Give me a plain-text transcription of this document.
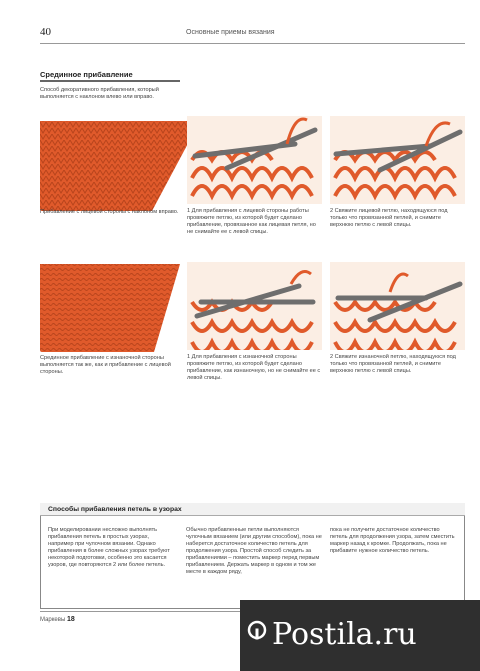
40	Основные приемы вязания
Срединное прибавление
Способ декоративного прибавления, который выполняется с наклоном влево или вправо.
Прибавление с лицевой стороны с наклоном вправо. 1 Для прибавления с лицевой стороны работы провяжите петлю, из которой будет сделано прибавление, провязанное как лицевая петля, но не снимайте ее с левой спицы.
2 Свяжите лицевой петлю, находящуюся под только что провязанной петлей, и снимите верхнюю петлю с левой спицы.
Срединное прибавление с изнаночной стороны выполняется так же, как и прибавление с лицевой стороны.
1 Для прибавления с изнаночной стороны провяжите петлю, из которой будет сделано прибавление, как изнаночную, но не снимайте ее с левой спицы.
2 Свяжите изнаночной петлю, находящуюся под только что провязанной петлей, и снимите верхнюю петлю с левой спицы.
Способы прибавления петель в узорах
При моделировании несложно выполнять прибавления петель в простых узорах, например при чулочном вязании. Однако прибавления в более сложных узорах требуют некоторой подготовки, особенно это касается узоров, где повторяются 2 или более петель.
Обычно прибавленные петли выполняются чулочным вязанием (или другим способом), пока не наберется достаточное количество петель для продолжения узора. Простой способ следить за прибавлениями – поместить маркер перед первым прибавлением. Держать маркер в одном и том же месте в каждом ряду,
пока не получите достаточное количество петель для продолжения узора, затем сместить маркер назад к кромке. Продолжать, пока не прибавите нужное количество петель.
Маркевы 18	Postila.ru
